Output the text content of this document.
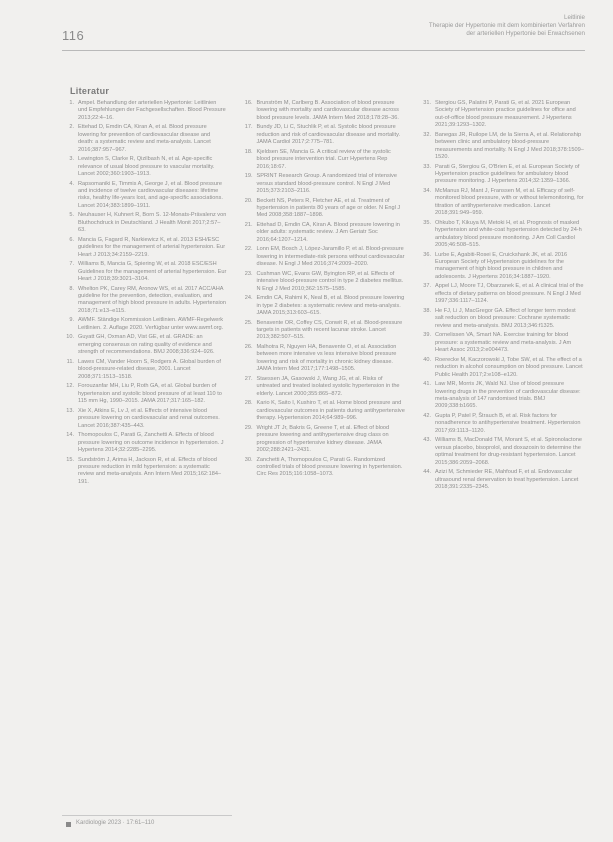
116
Leitlinie
Therapie der Hypertonie mit dem kombinierten Verfahren
der arteriellen Hypertonie bei Erwachsenen
Literatur
1. Ampel. Behandlung der arteriellen Hypertonie: Leitlinien und Empfehlungen der Fachgesellschaften. Blood Pressure 2013;22:4–16.
2. Ettehad D, Emdin CA, Kiran A, et al. Blood pressure lowering for prevention of cardiovascular disease and death: a systematic review and meta-analysis. Lancet 2016;387:957–967.
3. Lewington S, Clarke R, Qizilbash N, et al. Age-specific relevance of usual blood pressure to vascular mortality. Lancet 2002;360:1903–1913.
4. Rapsomaniki E, Timmis A, George J, et al. Blood pressure and incidence of twelve cardiovascular diseases: lifetime risks, healthy life-years lost, and age-specific associations. Lancet 2014;383:1899–1911.
5. Neuhauser H, Kuhnert R, Born S. 12-Monats-Prävalenz von Bluthochdruck in Deutschland. J Health Monit 2017;2:57–63.
6. Mancia G, Fagard R, Narkiewicz K, et al. 2013 ESH/ESC guidelines for the management of arterial hypertension. Eur Heart J 2013;34:2159–2219.
7. Williams B, Mancia G, Spiering W, et al. 2018 ESC/ESH Guidelines for the management of arterial hypertension. Eur Heart J 2018;39:3021–3104.
8. Whelton PK, Carey RM, Aronow WS, et al. 2017 ACC/AHA guideline for the prevention, detection, evaluation, and management of high blood pressure in adults. Hypertension 2018;71:e13–e115.
9. AWMF. Ständige Kommission Leitlinien. AWMF-Regelwerk Leitlinien. 2. Auflage 2020. Verfügbar unter www.awmf.org.
10. Guyatt GH, Oxman AD, Vist GE, et al. GRADE: an emerging consensus on rating quality of evidence and strength of recommendations. BMJ 2008;336:924–926.
11. Lawes CM, Vander Hoorn S, Rodgers A. Global burden of blood-pressure-related disease, 2001. Lancet 2008;371:1513–1518.
12. Forouzanfar MH, Liu P, Roth GA, et al. Global burden of hypertension and systolic blood pressure of at least 110 to 115 mm Hg, 1990–2015. JAMA 2017;317:165–182.
13. Xie X, Atkins E, Lv J, et al. Effects of intensive blood pressure lowering on cardiovascular and renal outcomes. Lancet 2016;387:435–443.
14. Thomopoulos C, Parati G, Zanchetti A. Effects of blood pressure lowering on outcome incidence in hypertension. J Hypertens 2014;32:2285–2295.
15. Sundström J, Arima H, Jackson R, et al. Effects of blood pressure reduction in mild hypertension: a systematic review and meta-analysis. Ann Intern Med 2015;162:184–191.
16. Brunström M, Carlberg B. Association of blood pressure lowering with mortality and cardiovascular disease across blood pressure levels. JAMA Intern Med 2018;178:28–36.
17. Bundy JD, Li C, Stuchlik P, et al. Systolic blood pressure reduction and risk of cardiovascular disease and mortality. JAMA Cardiol 2017;2:775–781.
18. Kjeldsen SE, Mancia G. A critical review of the systolic blood pressure intervention trial. Curr Hypertens Rep 2016;18:67.
19. SPRINT Research Group. A randomized trial of intensive versus standard blood-pressure control. N Engl J Med 2015;373:2103–2116.
20. Beckett NS, Peters R, Fletcher AE, et al. Treatment of hypertension in patients 80 years of age or older. N Engl J Med 2008;358:1887–1898.
21. Ettehad D, Emdin CA, Kiran A. Blood pressure lowering in older adults: systematic review. J Am Geriatr Soc 2016;64:1207–1214.
22. Lonn EM, Bosch J, López-Jaramillo P, et al. Blood-pressure lowering in intermediate-risk persons without cardiovascular disease. N Engl J Med 2016;374:2009–2020.
23. Cushman WC, Evans GW, Byington RP, et al. Effects of intensive blood-pressure control in type 2 diabetes mellitus. N Engl J Med 2010;362:1575–1585.
24. Emdin CA, Rahimi K, Neal B, et al. Blood pressure lowering in type 2 diabetes: a systematic review and meta-analysis. JAMA 2015;313:603–615.
25. Benavente OR, Coffey CS, Conwit R, et al. Blood-pressure targets in patients with recent lacunar stroke. Lancet 2013;382:507–515.
26. Malhotra R, Nguyen HA, Benavente O, et al. Association between more intensive vs less intensive blood pressure lowering and risk of mortality in chronic kidney disease. JAMA Intern Med 2017;177:1498–1505.
27. Staessen JA, Gasowski J, Wang JG, et al. Risks of untreated and treated isolated systolic hypertension in the elderly. Lancet 2000;355:865–872.
28. Kario K, Saito I, Kushiro T, et al. Home blood pressure and cardiovascular outcomes in patients during antihypertensive therapy. Hypertension 2014;64:989–996.
29. Wright JT Jr, Bakris G, Greene T, et al. Effect of blood pressure lowering and antihypertensive drug class on progression of hypertensive kidney disease. JAMA 2002;288:2421–2431.
30. Zanchetti A, Thomopoulos C, Parati G. Randomized controlled trials of blood pressure lowering in hypertension. Circ Res 2015;116:1058–1073.
31. Stergiou GS, Palatini P, Parati G, et al. 2021 European Society of Hypertension practice guidelines for office and out-of-office blood pressure measurement. J Hypertens 2021;39:1293–1302.
32. Banegas JR, Ruilope LM, de la Sierra A, et al. Relationship between clinic and ambulatory blood-pressure measurements and mortality. N Engl J Med 2018;378:1509–1520.
33. Parati G, Stergiou G, O'Brien E, et al. European Society of Hypertension practice guidelines for ambulatory blood pressure monitoring. J Hypertens 2014;32:1359–1366.
34. McManus RJ, Mant J, Franssen M, et al. Efficacy of self-monitored blood pressure, with or without telemonitoring, for titration of antihypertensive medication. Lancet 2018;391:949–959.
35. Ohkubo T, Kikuya M, Metoki H, et al. Prognosis of masked hypertension and white-coat hypertension detected by 24-h ambulatory blood pressure monitoring. J Am Coll Cardiol 2005;46:508–515.
36. Lurbe E, Agabiti-Rosei E, Cruickshank JK, et al. 2016 European Society of Hypertension guidelines for the management of high blood pressure in children and adolescents. J Hypertens 2016;34:1887–1920.
37. Appel LJ, Moore TJ, Obarzanek E, et al. A clinical trial of the effects of dietary patterns on blood pressure. N Engl J Med 1997;336:1117–1124.
38. He FJ, Li J, MacGregor GA. Effect of longer term modest salt reduction on blood pressure: Cochrane systematic review and meta-analysis. BMJ 2013;346:f1325.
39. Cornelissen VA, Smart NA. Exercise training for blood pressure: a systematic review and meta-analysis. J Am Heart Assoc 2013;2:e004473.
40. Roerecke M, Kaczorowski J, Tobe SW, et al. The effect of a reduction in alcohol consumption on blood pressure. Lancet Public Health 2017;2:e108–e120.
41. Law MR, Morris JK, Wald NJ. Use of blood pressure lowering drugs in the prevention of cardiovascular disease: meta-analysis of 147 randomised trials. BMJ 2009;338:b1665.
42. Gupta P, Patel P, Štrauch B, et al. Risk factors for nonadherence to antihypertensive treatment. Hypertension 2017;69:1113–1120.
43. Williams B, MacDonald TM, Morant S, et al. Spironolactone versus placebo, bisoprolol, and doxazosin to determine the optimal treatment for drug-resistant hypertension. Lancet 2015;386:2059–2068.
44. Azizi M, Schmieder RE, Mahfoud F, et al. Endovascular ultrasound renal denervation to treat hypertension. Lancet 2018;391:2335–2345.
Kardiologie 2023 · 17:61–110
